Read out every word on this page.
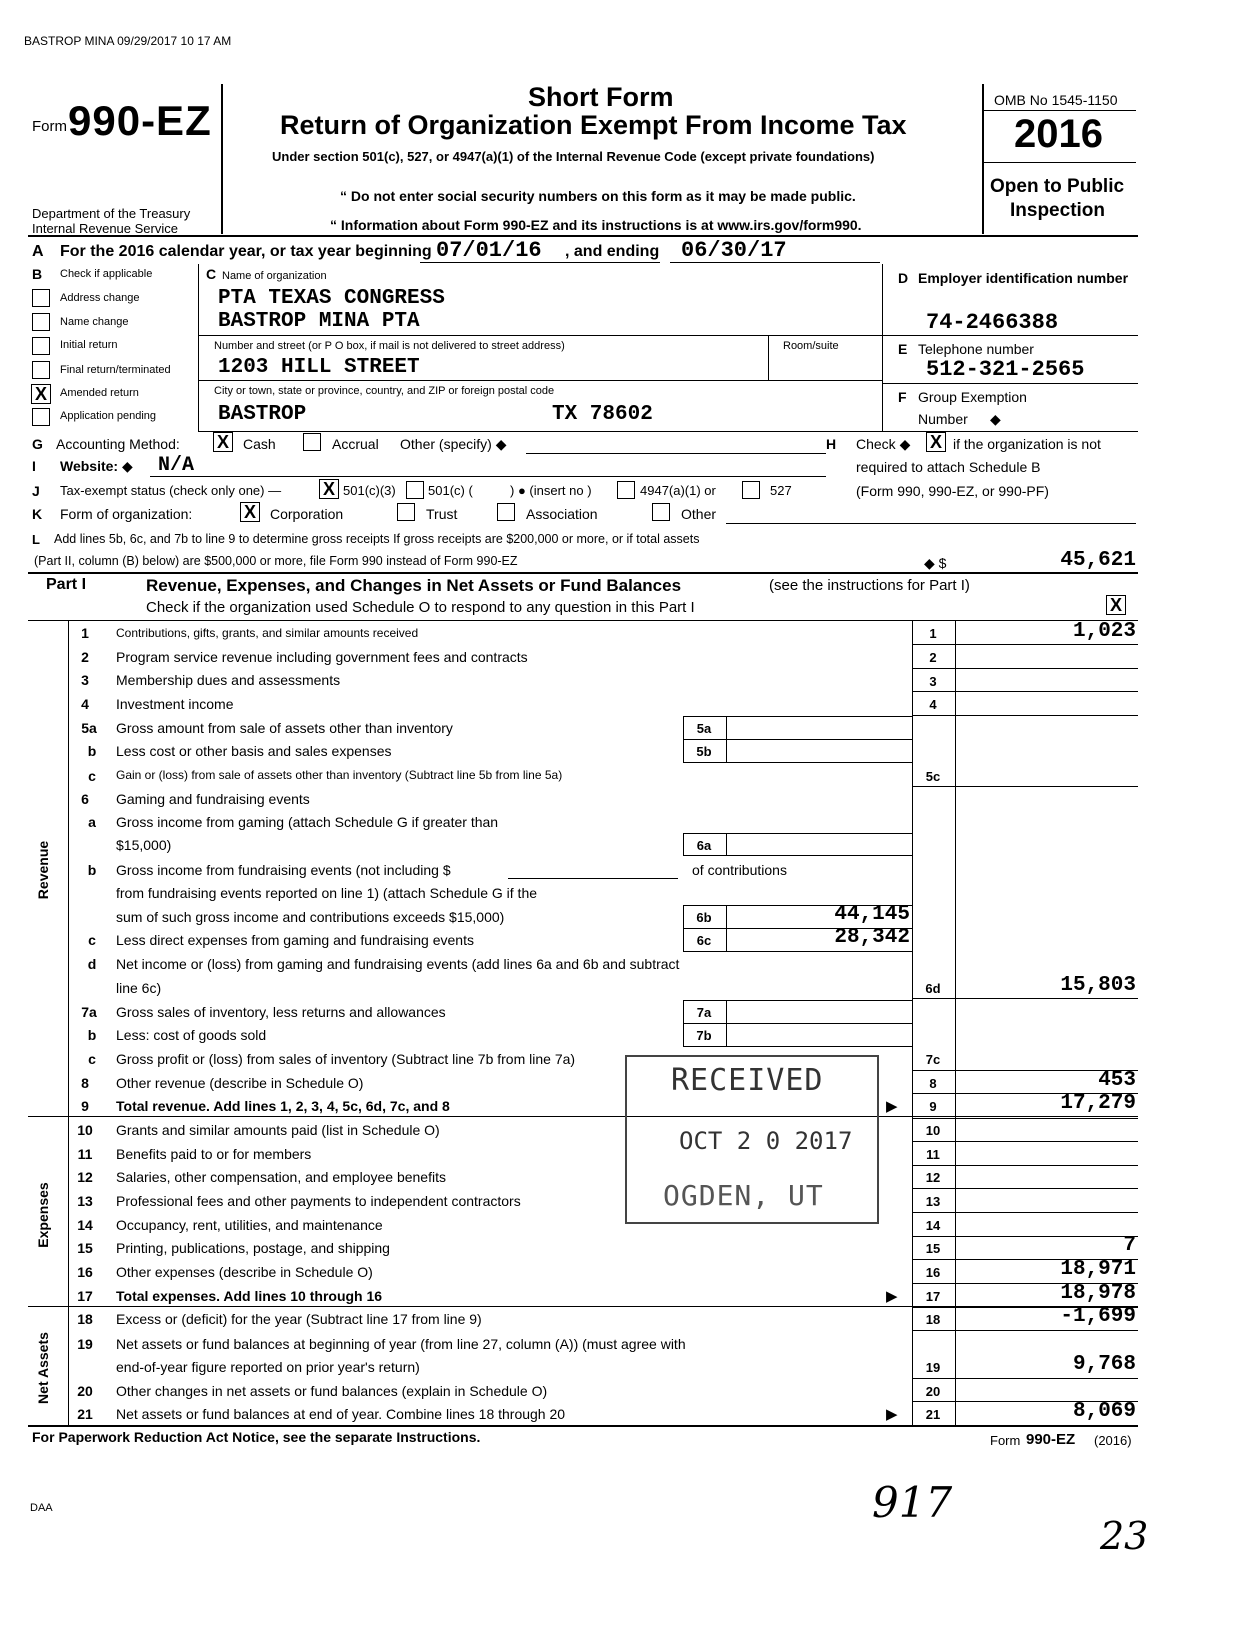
BASTROP MINA 09/29/2017 10 17 AM
Form 990-EZ
Department of the Treasury
Internal Revenue Service
Short Form
Return of Organization Exempt From Income Tax
Under section 501(c), 527, or 4947(a)(1) of the Internal Revenue Code (except private foundations)
“ Do not enter social security numbers on this form as it may be made public.
“ Information about Form 990-EZ and its instructions is at www.irs.gov/form990.
OMB No 1545-1150
2016
Open to Public
Inspection
A For the 2016 calendar year, or tax year beginning 07/01/16 , and ending 06/30/17
B Check if applicable
Address change
Name change
Initial return
Final return/terminated
X	Amended return
Application pending
C Name of organization
PTA TEXAS CONGRESS
BASTROP MINA PTA
Number and street (or P O box, if mail is not delivered to street address)	Room/suite
1203 HILL STREET
City or town, state or province, country, and ZIP or foreign postal code
BASTROP	TX 78602
D Employer identification number
74-2466388
E Telephone number
512-321-2565
F Group Exemption
Number ◆
G Accounting Method: X Cash	Accrual Other (specify) ◆	H Check ◆ X if the organization is not
required to attach Schedule B
(Form 990, 990-EZ, or 990-PF)
I Website: ◆ N/A
J Tax-exempt status (check only one) — X 501(c)(3) 501(c) (	) ● (insert no )	4947(a)(1) or	527
K Form of organization:	X Corporation	Trust	Association	Other
L Add lines 5b, 6c, and 7b to line 9 to determine gross receipts If gross receipts are $200,000 or more, or if total assets
(Part II, column (B) below) are $500,000 or more, file Form 990 instead of Form 990-EZ	◆ $	45,621
Part I	Revenue, Expenses, and Changes in Net Assets or Fund Balances	(see the instructions for Part I)
Check if the organization used Schedule O to respond to any question in this Part I	X
Revenue
Expenses
Net Assets
1	Contributions, gifts, grants, and similar amounts received	1	1,023
2	Program service revenue including government fees and contracts	2
3	Membership dues and assessments	3
4	Investment income	4
5a	Gross amount from sale of assets other than inventory	5a
b	Less cost or other basis and sales expenses	5b
c	Gain or (loss) from sale of assets other than inventory (Subtract line 5b from line 5a)	5c
6	Gaming and fundraising events
a	Gross income from gaming (attach Schedule G if greater than
$15,000)	6a
b	Gross income from fundraising events (not including $	of contributions
from fundraising events reported on line 1) (attach Schedule G if the
sum of such gross income and contributions exceeds $15,000)	6b	44,145
c	Less direct expenses from gaming and fundraising events	6c	28,342
d	Net income or (loss) from gaming and fundraising events (add lines 6a and 6b and subtract
line 6c)	6d	15,803
7a	Gross sales of inventory, less returns and allowances	7a
b	Less: cost of goods sold	7b
c	Gross profit or (loss) from sales of inventory (Subtract line 7b from line 7a)	7c
8	Other revenue (describe in Schedule O)	8	453
9	Total revenue. Add lines 1, 2, 3, 4, 5c, 6d, 7c, and 8	▶	9	17,279
10	Grants and similar amounts paid (list in Schedule O)	10
11	Benefits paid to or for members	11
12	Salaries, other compensation, and employee benefits	12
13	Professional fees and other payments to independent contractors	13
14	Occupancy, rent, utilities, and maintenance	14
15	Printing, publications, postage, and shipping	15	7
16	Other expenses (describe in Schedule O)	16	18,971
17	Total expenses. Add lines 10 through 16	▶	17	18,978
18	Excess or (deficit) for the year (Subtract line 17 from line 9)	18	-1,699
19	Net assets or fund balances at beginning of year (from line 27, column (A)) (must agree with
end-of-year figure reported on prior year's return)	19	9,768
20	Other changes in net assets or fund balances (explain in Schedule O)	20
21	Net assets or fund balances at end of year. Combine lines 18 through 20	▶	21	8,069
RECEIVED
OCT 2 0 2017
OGDEN, UT
For Paperwork Reduction Act Notice, see the separate Instructions.	Form 990-EZ (2016)
DAA	917
23
